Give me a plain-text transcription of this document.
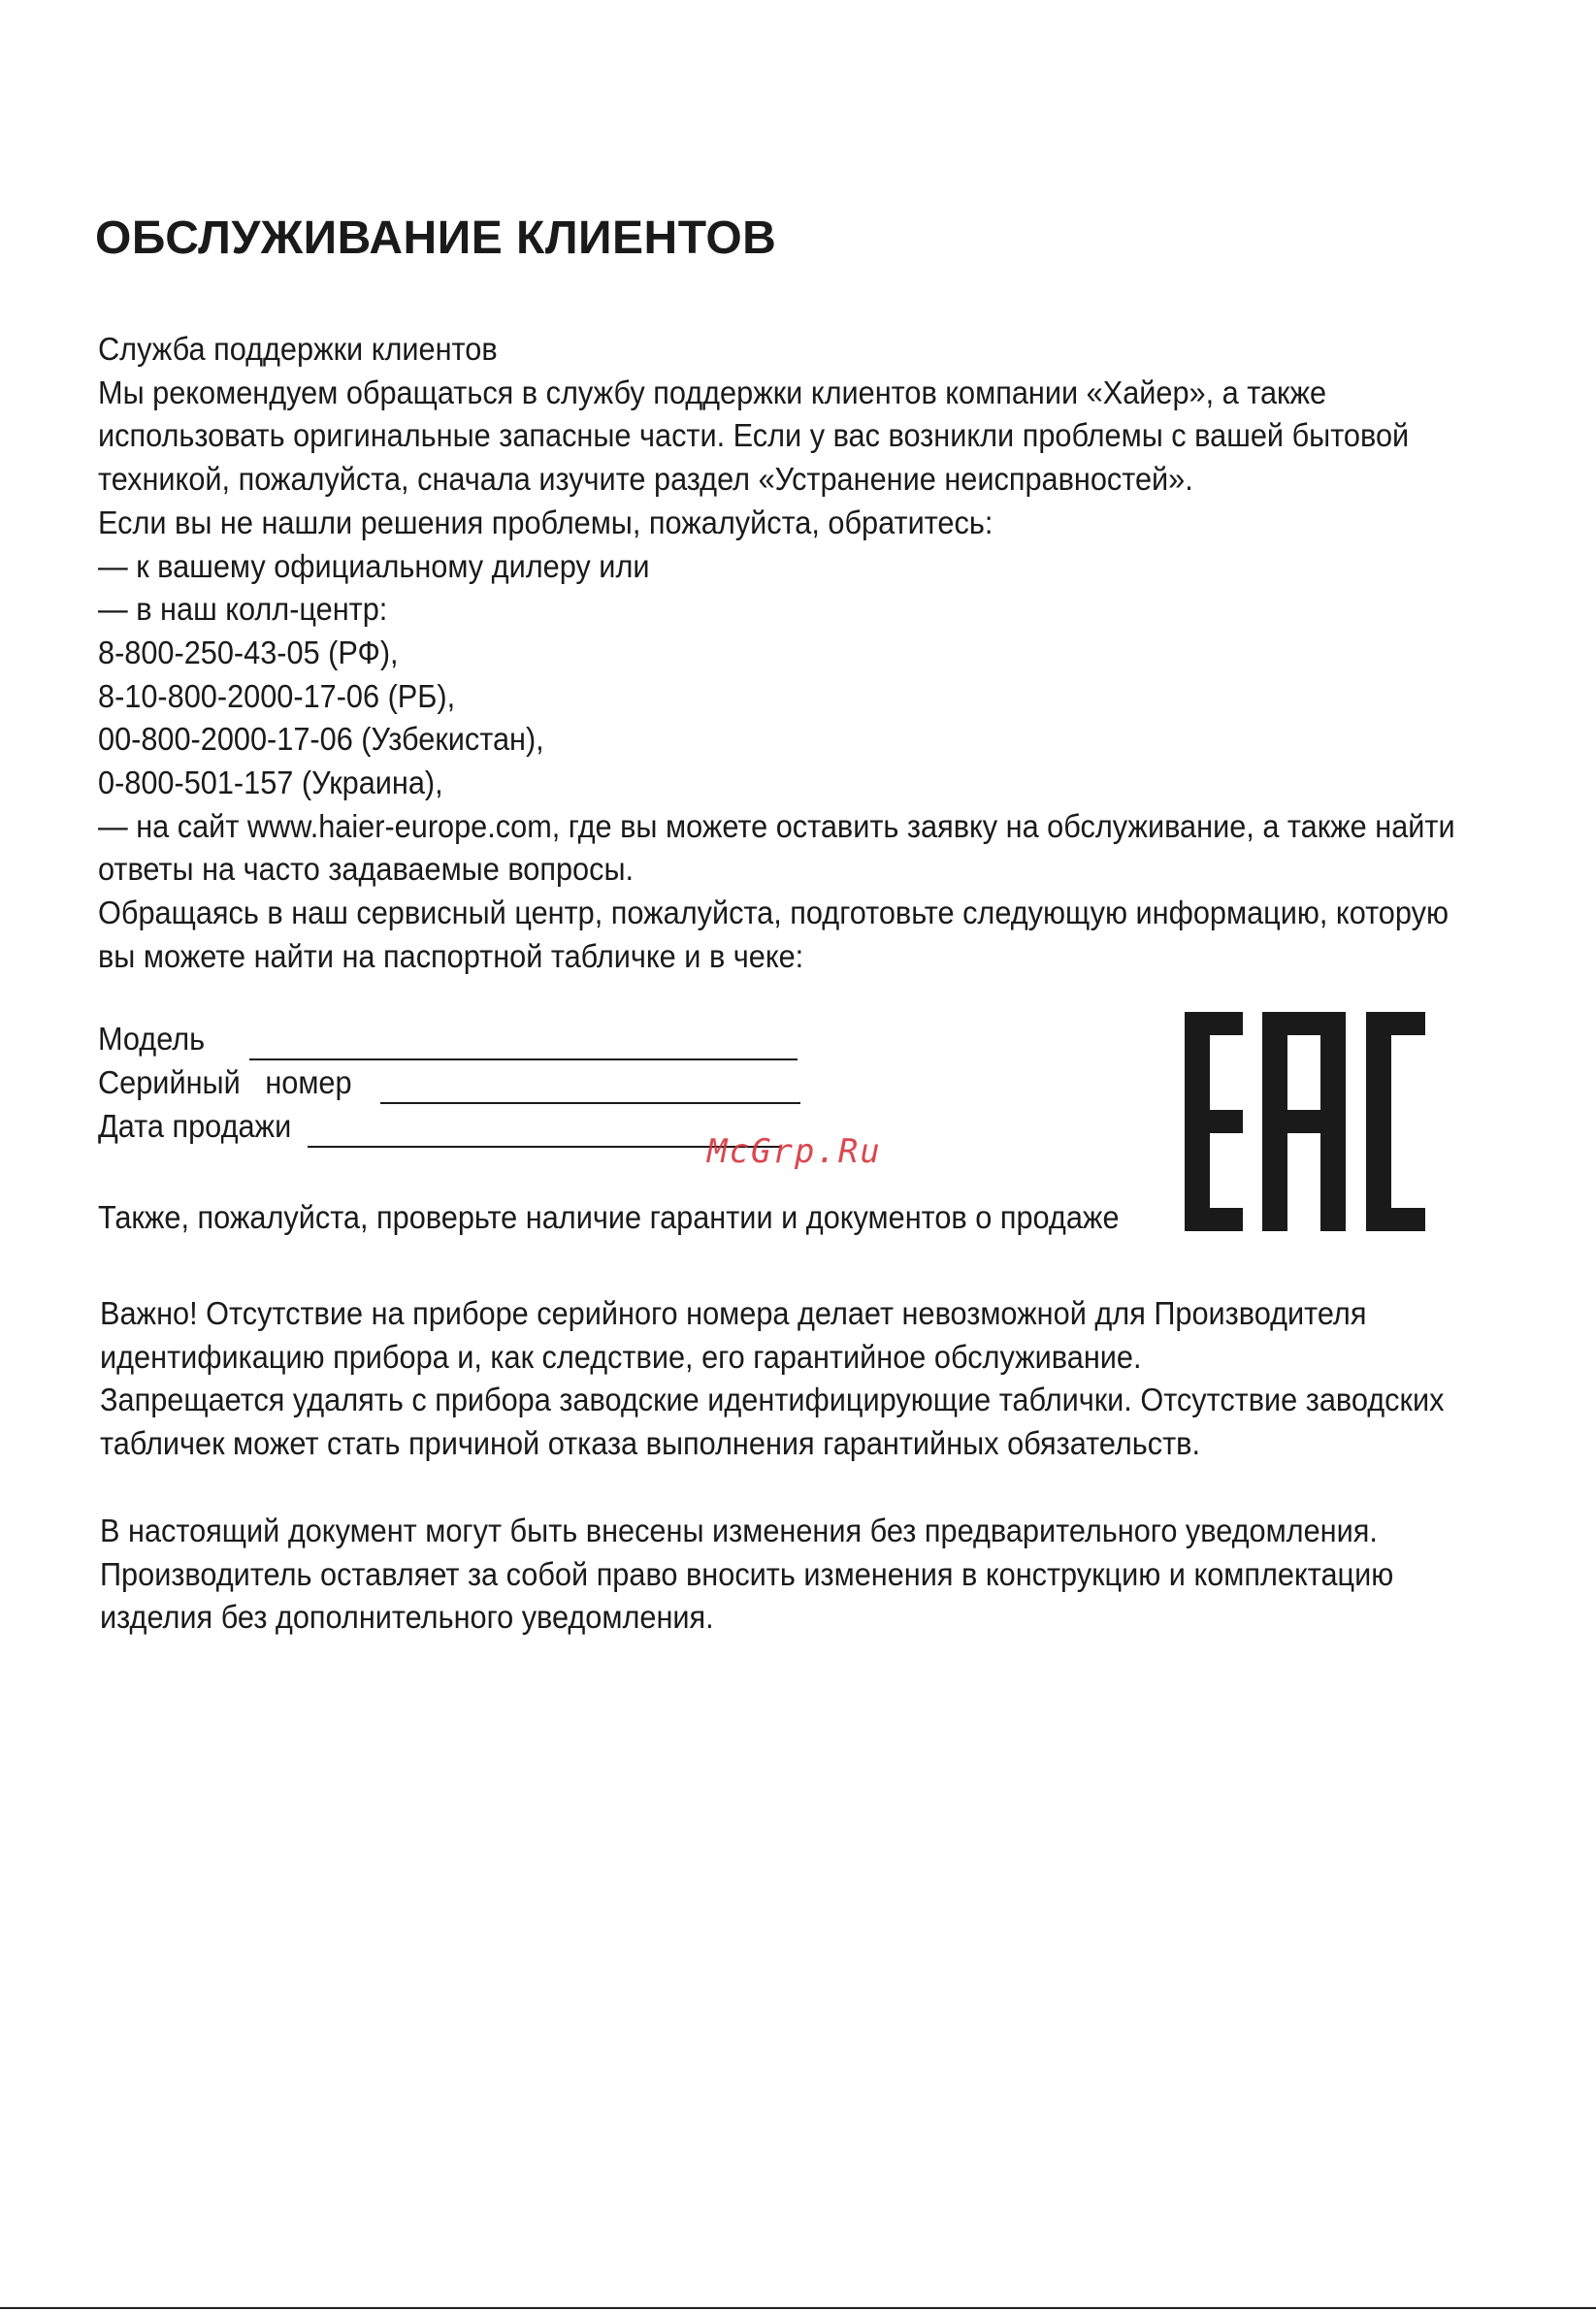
ОБСЛУЖИВАНИЕ КЛИЕНТОВ
Служба поддержки клиентов
Мы рекомендуем обращаться в службу поддержки клиентов компании «Хайер», а также
использовать оригинальные запасные части. Если у вас возникли проблемы с вашей бытовой
техникой, пожалуйста, сначала изучите раздел «Устранение неисправностей».
Если вы не нашли решения проблемы, пожалуйста, обратитесь:
— к вашему официальному дилеру или
— в наш колл-центр:
8-800-250-43-05 (РФ),
8-10-800-2000-17-06 (РБ),
00-800-2000-17-06 (Узбекистан),
0-800-501-157 (Украина),
— на сайт www.haier-europe.com, где вы можете оставить заявку на обслуживание, а также найти
ответы на часто задаваемые вопросы.
Обращаясь в наш сервисный центр, пожалуйста, подготовьте следующую информацию, которую
вы можете найти на паспортной табличке и в чеке:
Модель
Серийный   номер
Дата продажи
Также, пожалуйста, проверьте наличие гарантии и документов о продаже
Важно! Отсутствие на приборе серийного номера делает невозможной для Производителя
идентификацию прибора и, как следствие, его гарантийное обслуживание.
Запрещается удалять с прибора заводские идентифицирующие таблички. Отсутствие заводских
табличек может стать причиной отказа выполнения гарантийных обязательств.
В настоящий документ могут быть внесены изменения без предварительного уведомления.
Производитель оставляет за собой право вносить изменения в конструкцию и комплектацию
изделия без дополнительного уведомления.
McGrp.Ru
